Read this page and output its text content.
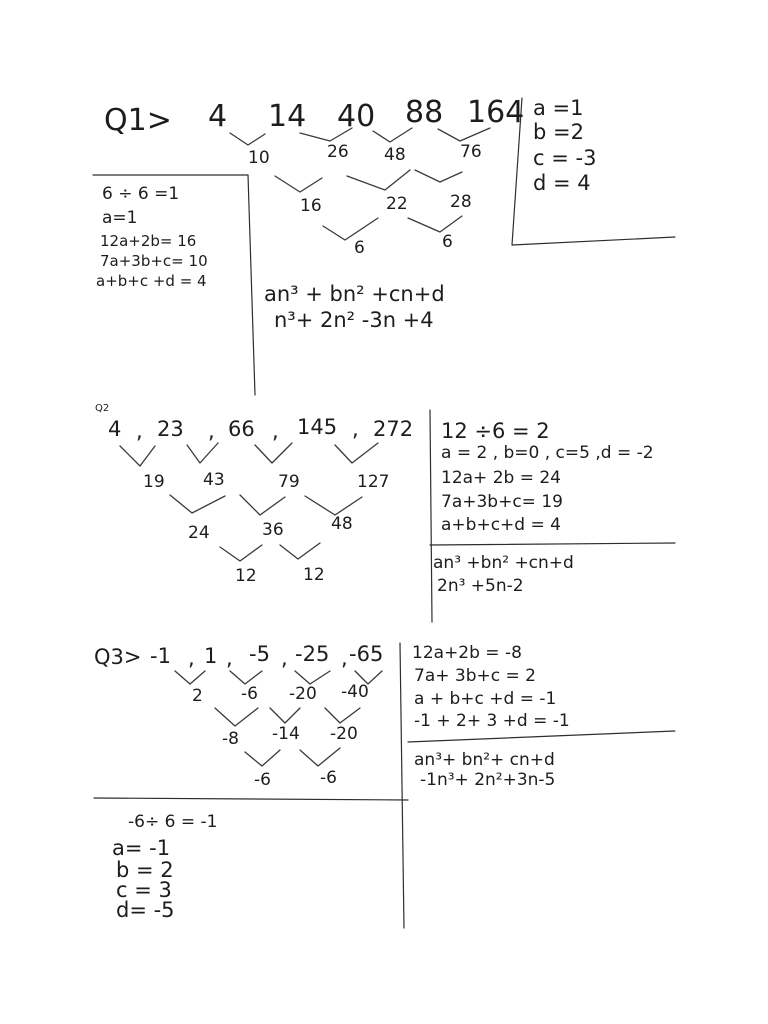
Q1> 4 14 40 88 164
10	26 48	76
16	22 28
6	6
a =1
b =2
c = -3
d = 4
6 ÷ 6 =1
a=1
12a+2b= 16
7a+3b+c= 10
a+b+c +d = 4
an³ + bn² +cn+d
n³+ 2n² -3n +4
Q2
4 , 23 , 66 , 145 , 272
19 43	79	127
24	36	48
12	12
12 ÷6 = 2
a = 2 , b=0 , c=5 ,d = -2
12a+ 2b = 24
7a+3b+c= 19
a+b+c+d = 4
an³ +bn² +cn+d
2n³ +5n-2
Q3> -1 , 1 , -5 , -25 , -65
2 -6 -20 -40
-8 -14 -20
-6	-6
12a+2b = -8
7a+ 3b+c = 2
a + b+c +d = -1
-1 + 2+ 3 +d = -1
an³+ bn²+ cn+d
-1n³+ 2n²+3n-5
-6÷ 6 = -1
a= -1
b = 2
c = 3
d= -5
